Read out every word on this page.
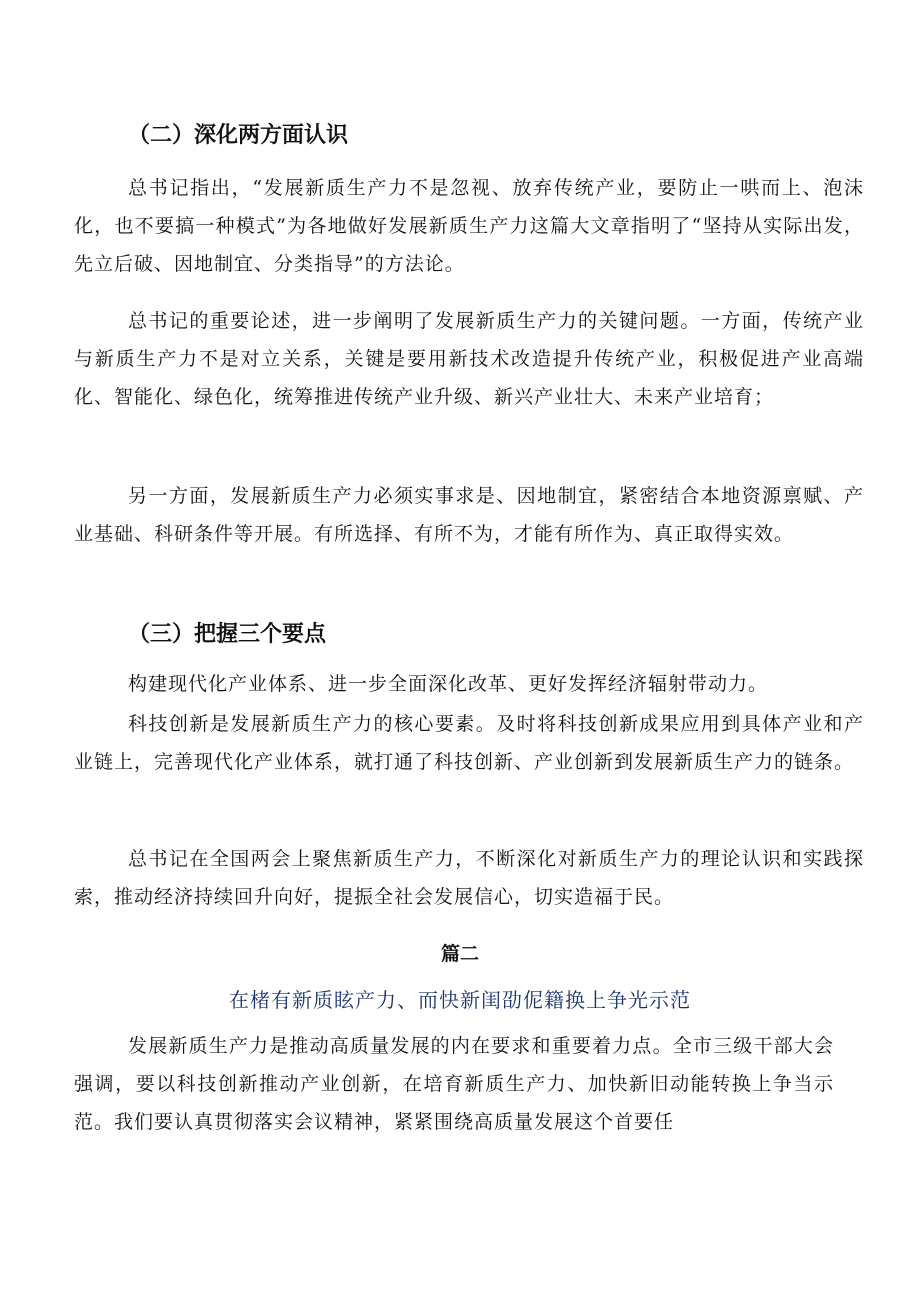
（二）深化两方面认识

总书记指出，“发展新质生产力不是忽视、放弃传统产业，要防止一哄而上、泡沫化，也不要搞一种模式”为各地做好发展新质生产力这篇大文章指明了“坚持从实际出发，先立后破、因地制宜、分类指导”的方法论。

总书记的重要论述，进一步阐明了发展新质生产力的关键问题。一方面，传统产业与新质生产力不是对立关系，关键是要用新技术改造提升传统产业，积极促进产业高端化、智能化、绿色化，统筹推进传统产业升级、新兴产业壮大、未来产业培育；

另一方面，发展新质生产力必须实事求是、因地制宜，紧密结合本地资源禀赋、产业基础、科研条件等开展。有所选择、有所不为，才能有所作为、真正取得实效。

（三）把握三个要点

构建现代化产业体系、进一步全面深化改革、更好发挥经济辐射带动力。

科技创新是发展新质生产力的核心要素。及时将科技创新成果应用到具体产业和产业链上，完善现代化产业体系，就打通了科技创新、产业创新到发展新质生产力的链条。

总书记在全国两会上聚焦新质生产力，不断深化对新质生产力的理论认识和实践探索，推动经济持续回升向好，提振全社会发展信心，切实造福于民。

篇二
在楮有新质眩产力、而快新闺劭伲籍换上争光示范

发展新质生产力是推动高质量发展的内在要求和重要着力点。全市三级干部大会强调，要以科技创新推动产业创新，在培育新质生产力、加快新旧动能转换上争当示范。我们要认真贯彻落实会议精神，紧紧围绕高质量发展这个首要任
